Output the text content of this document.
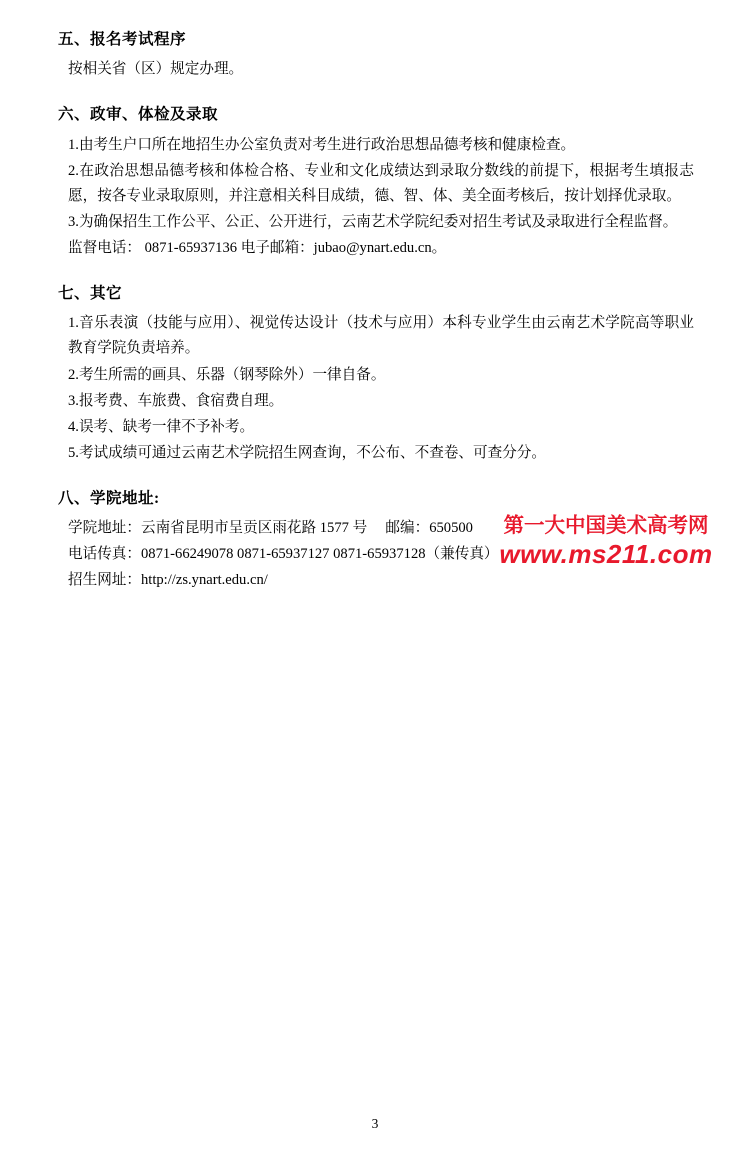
五、报名考试程序

按相关省（区）规定办理。

六、政审、体检及录取

1.由考生户口所在地招生办公室负责对考生进行政治思想品德考核和健康检查。

2.在政治思想品德考核和体检合格、专业和文化成绩达到录取分数线的前提下，根据考生填报志愿，按各专业录取原则，并注意相关科目成绩，德、智、体、美全面考核后，按计划择优录取。

3.为确保招生工作公平、公正、公开进行，云南艺术学院纪委对招生考试及录取进行全程监督。

监督电话： 0871-65937136 电子邮箱：jubao@ynart.edu.cn。

七、其它

1.音乐表演（技能与应用）、视觉传达设计（技术与应用）本科专业学生由云南艺术学院高等职业教育学院负责培养。

2.考生所需的画具、乐器（钢琴除外）一律自备。

3.报考费、车旅费、食宿费自理。

4.误考、缺考一律不予补考。

5.考试成绩可通过云南艺术学院招生网查询，不公布、不查卷、可查分分。

八、学院地址:
学院地址：云南省昆明市呈贡区雨花路 1577 号     邮编：650500
电话传真：0871-66249078 0871-65937127 0871-65937128（兼传真）
招生网址：http://zs.ynart.edu.cn/
第一大中国美术高考网
www.ms211.com
3
